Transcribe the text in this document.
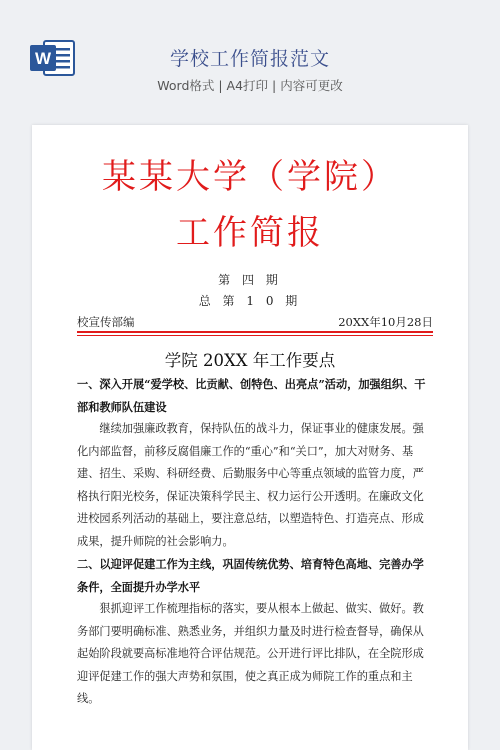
W	学校工作简报范文
Word格式 | A4打印 | 内容可更改
某某大学（学院）
工作简报
第 四 期
总 第 1 0 期
校宣传部编	20XX年10月28日
学院 20XX 年工作要点

一、深入开展“爱学校、比贡献、创特色、出亮点”活动，加强组织、干部和教师队伍建设

继续加强廉政教育，保持队伍的战斗力，保证事业的健康发展。强化内部监督，前移反腐倡廉工作的“重心”和“关口”，加大对财务、基建、招生、采购、科研经费、后勤服务中心等重点领域的监管力度，严格执行阳光校务，保证决策科学民主、权力运行公开透明。在廉政文化进校园系列活动的基础上，要注意总结，以塑造特色、打造亮点、形成成果，提升师院的社会影响力。

二、以迎评促建工作为主线，巩固传统优势、培育特色高地、完善办学条件，全面提升办学水平

狠抓迎评工作梳理指标的落实，要从根本上做起、做实、做好。教务部门要明确标准、熟悉业务，并组织力量及时进行检查督导，确保从起始阶段就要高标准地符合评估规范。公开进行评比排队，在全院形成迎评促建工作的强大声势和氛围，使之真正成为师院工作的重点和主线。
